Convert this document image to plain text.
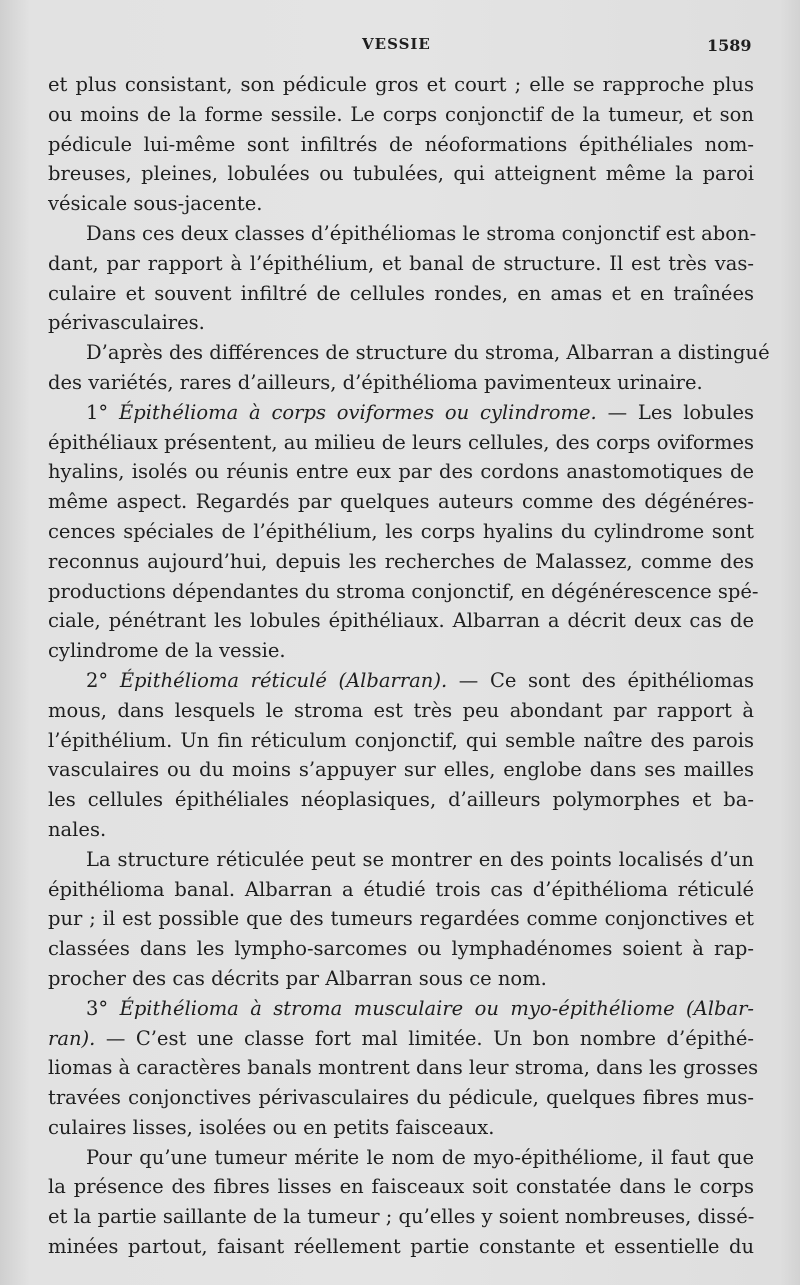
VESSIE	1589
et plus consistant, son pédicule gros et court ; elle se rapproche plus
ou moins de la forme sessile. Le corps conjonctif de la tumeur, et son
pédicule lui-même sont infiltrés de néoformations épithéliales nom-
breuses, pleines, lobulées ou tubulées, qui atteignent même la paroi
vésicale sous-jacente.
Dans ces deux classes d’épithéliomas le stroma conjonctif est abon-
dant, par rapport à l’épithélium, et banal de structure. Il est très vas-
culaire et souvent infiltré de cellules rondes, en amas et en traînées
périvasculaires.
D’après des différences de structure du stroma, Albarran a distingué
des variétés, rares d’ailleurs, d’épithélioma pavimenteux urinaire.
1° Épithélioma à corps oviformes ou cylindrome. — Les lobules
épithéliaux présentent, au milieu de leurs cellules, des corps oviformes
hyalins, isolés ou réunis entre eux par des cordons anastomotiques de
même aspect. Regardés par quelques auteurs comme des dégénéres-
cences spéciales de l’épithélium, les corps hyalins du cylindrome sont
reconnus aujourd’hui, depuis les recherches de Malassez, comme des
productions dépendantes du stroma conjonctif, en dégénérescence spé-
ciale, pénétrant les lobules épithéliaux. Albarran a décrit deux cas de
cylindrome de la vessie.
2° Épithélioma réticulé (Albarran). — Ce sont des épithéliomas
mous, dans lesquels le stroma est très peu abondant par rapport à
l’épithélium. Un fin réticulum conjonctif, qui semble naître des parois
vasculaires ou du moins s’appuyer sur elles, englobe dans ses mailles
les cellules épithéliales néoplasiques, d’ailleurs polymorphes et ba-
nales.
La structure réticulée peut se montrer en des points localisés d’un
épithélioma banal. Albarran a étudié trois cas d’épithélioma réticulé
pur ; il est possible que des tumeurs regardées comme conjonctives et
classées dans les lympho-sarcomes ou lymphadénomes soient à rap-
procher des cas décrits par Albarran sous ce nom.
3° Épithélioma à stroma musculaire ou myo-épithéliome (Albar-
ran). — C’est une classe fort mal limitée. Un bon nombre d’épithé-
liomas à caractères banals montrent dans leur stroma, dans les grosses
travées conjonctives périvasculaires du pédicule, quelques fibres mus-
culaires lisses, isolées ou en petits faisceaux.
Pour qu’une tumeur mérite le nom de myo-épithéliome, il faut que
la présence des fibres lisses en faisceaux soit constatée dans le corps
et la partie saillante de la tumeur ; qu’elles y soient nombreuses, dissé-
minées partout, faisant réellement partie constante et essentielle du
